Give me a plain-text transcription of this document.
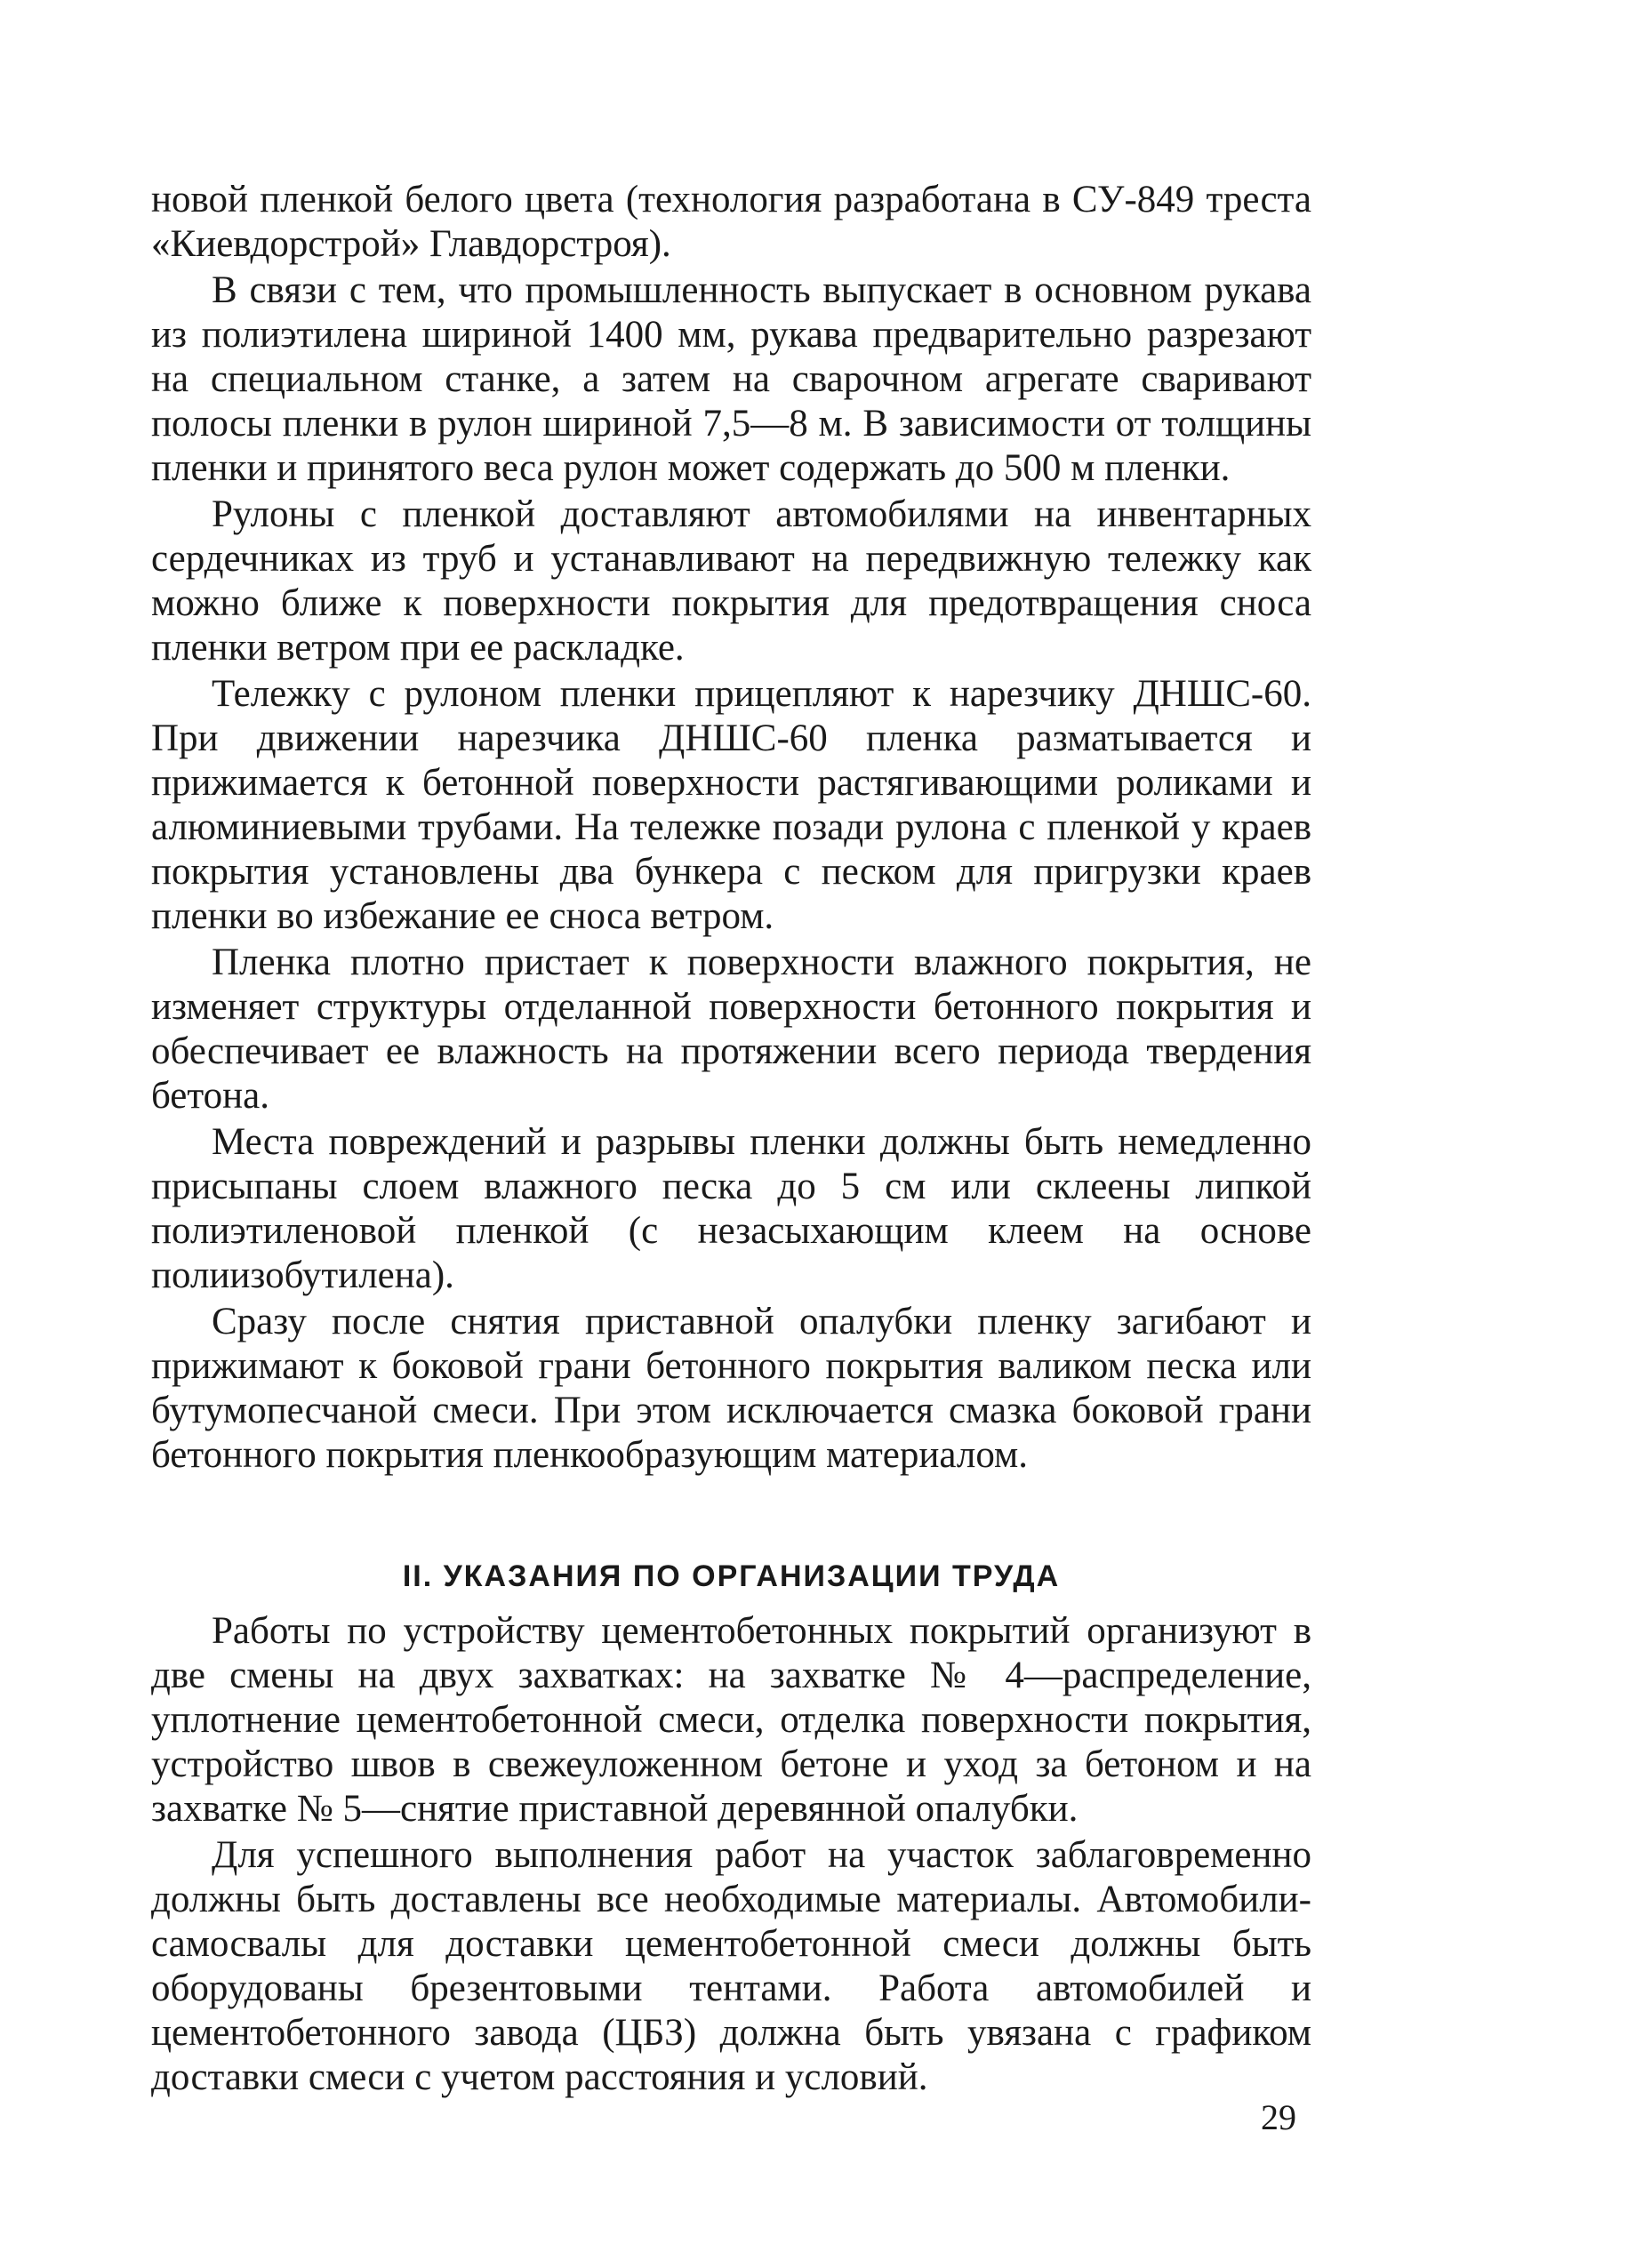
новой пленкой белого цвета (технология разработана в СУ-849 треста «Киевдорстрой» Главдорстроя).

В связи с тем, что промышленность выпускает в основном рукава из полиэтилена шириной 1400 мм, рукава предварительно разрезают на специальном станке, а затем на сварочном агрегате сваривают полосы пленки в рулон шириной 7,5—8 м. В зависимости от толщины пленки и принятого веса рулон может содержать до 500 м пленки.

Рулоны с пленкой доставляют автомобилями на инвентарных сердечниках из труб и устанавливают на передвижную тележку как можно ближе к поверхности покрытия для предотвращения сноса пленки ветром при ее раскладке.

Тележку с рулоном пленки прицепляют к нарезчику ДНШС-60. При движении нарезчика ДНШС-60 пленка разматывается и прижимается к бетонной поверхности растягивающими роликами и алюминиевыми трубами. На тележке позади рулона с пленкой у краев покрытия установлены два бункера с песком для пригрузки краев пленки во избежание ее сноса ветром.

Пленка плотно пристает к поверхности влажного покрытия, не изменяет структуры отделанной поверхности бетонного покрытия и обеспечивает ее влажность на протяжении всего периода твердения бетона.

Места повреждений и разрывы пленки должны быть немедленно присыпаны слоем влажного песка до 5 см или склеены липкой полиэтиленовой пленкой (с незасыхающим клеем на основе полиизобутилена).

Сразу после снятия приставной опалубки пленку загибают и прижимают к боковой грани бетонного покрытия валиком песка или бутумопесчаной смеси. При этом исключается смазка боковой грани бетонного покрытия пленкообразующим материалом.

II. УКАЗАНИЯ ПО ОРГАНИЗАЦИИ ТРУДА

Работы по устройству цементобетонных покрытий организуют в две смены на двух захватках: на захватке № 4—распределение, уплотнение цементобетонной смеси, отделка поверхности покрытия, устройство швов в свежеуложенном бетоне и уход за бетоном и на захватке № 5—снятие приставной деревянной опалубки.

Для успешного выполнения работ на участок заблаговременно должны быть доставлены все необходимые материалы. Автомобили-самосвалы для доставки цементобетонной смеси должны быть оборудованы брезентовыми тентами. Работа автомобилей и цементобетонного завода (ЦБЗ) должна быть увязана с графиком доставки смеси с учетом расстояния и условий.

29
